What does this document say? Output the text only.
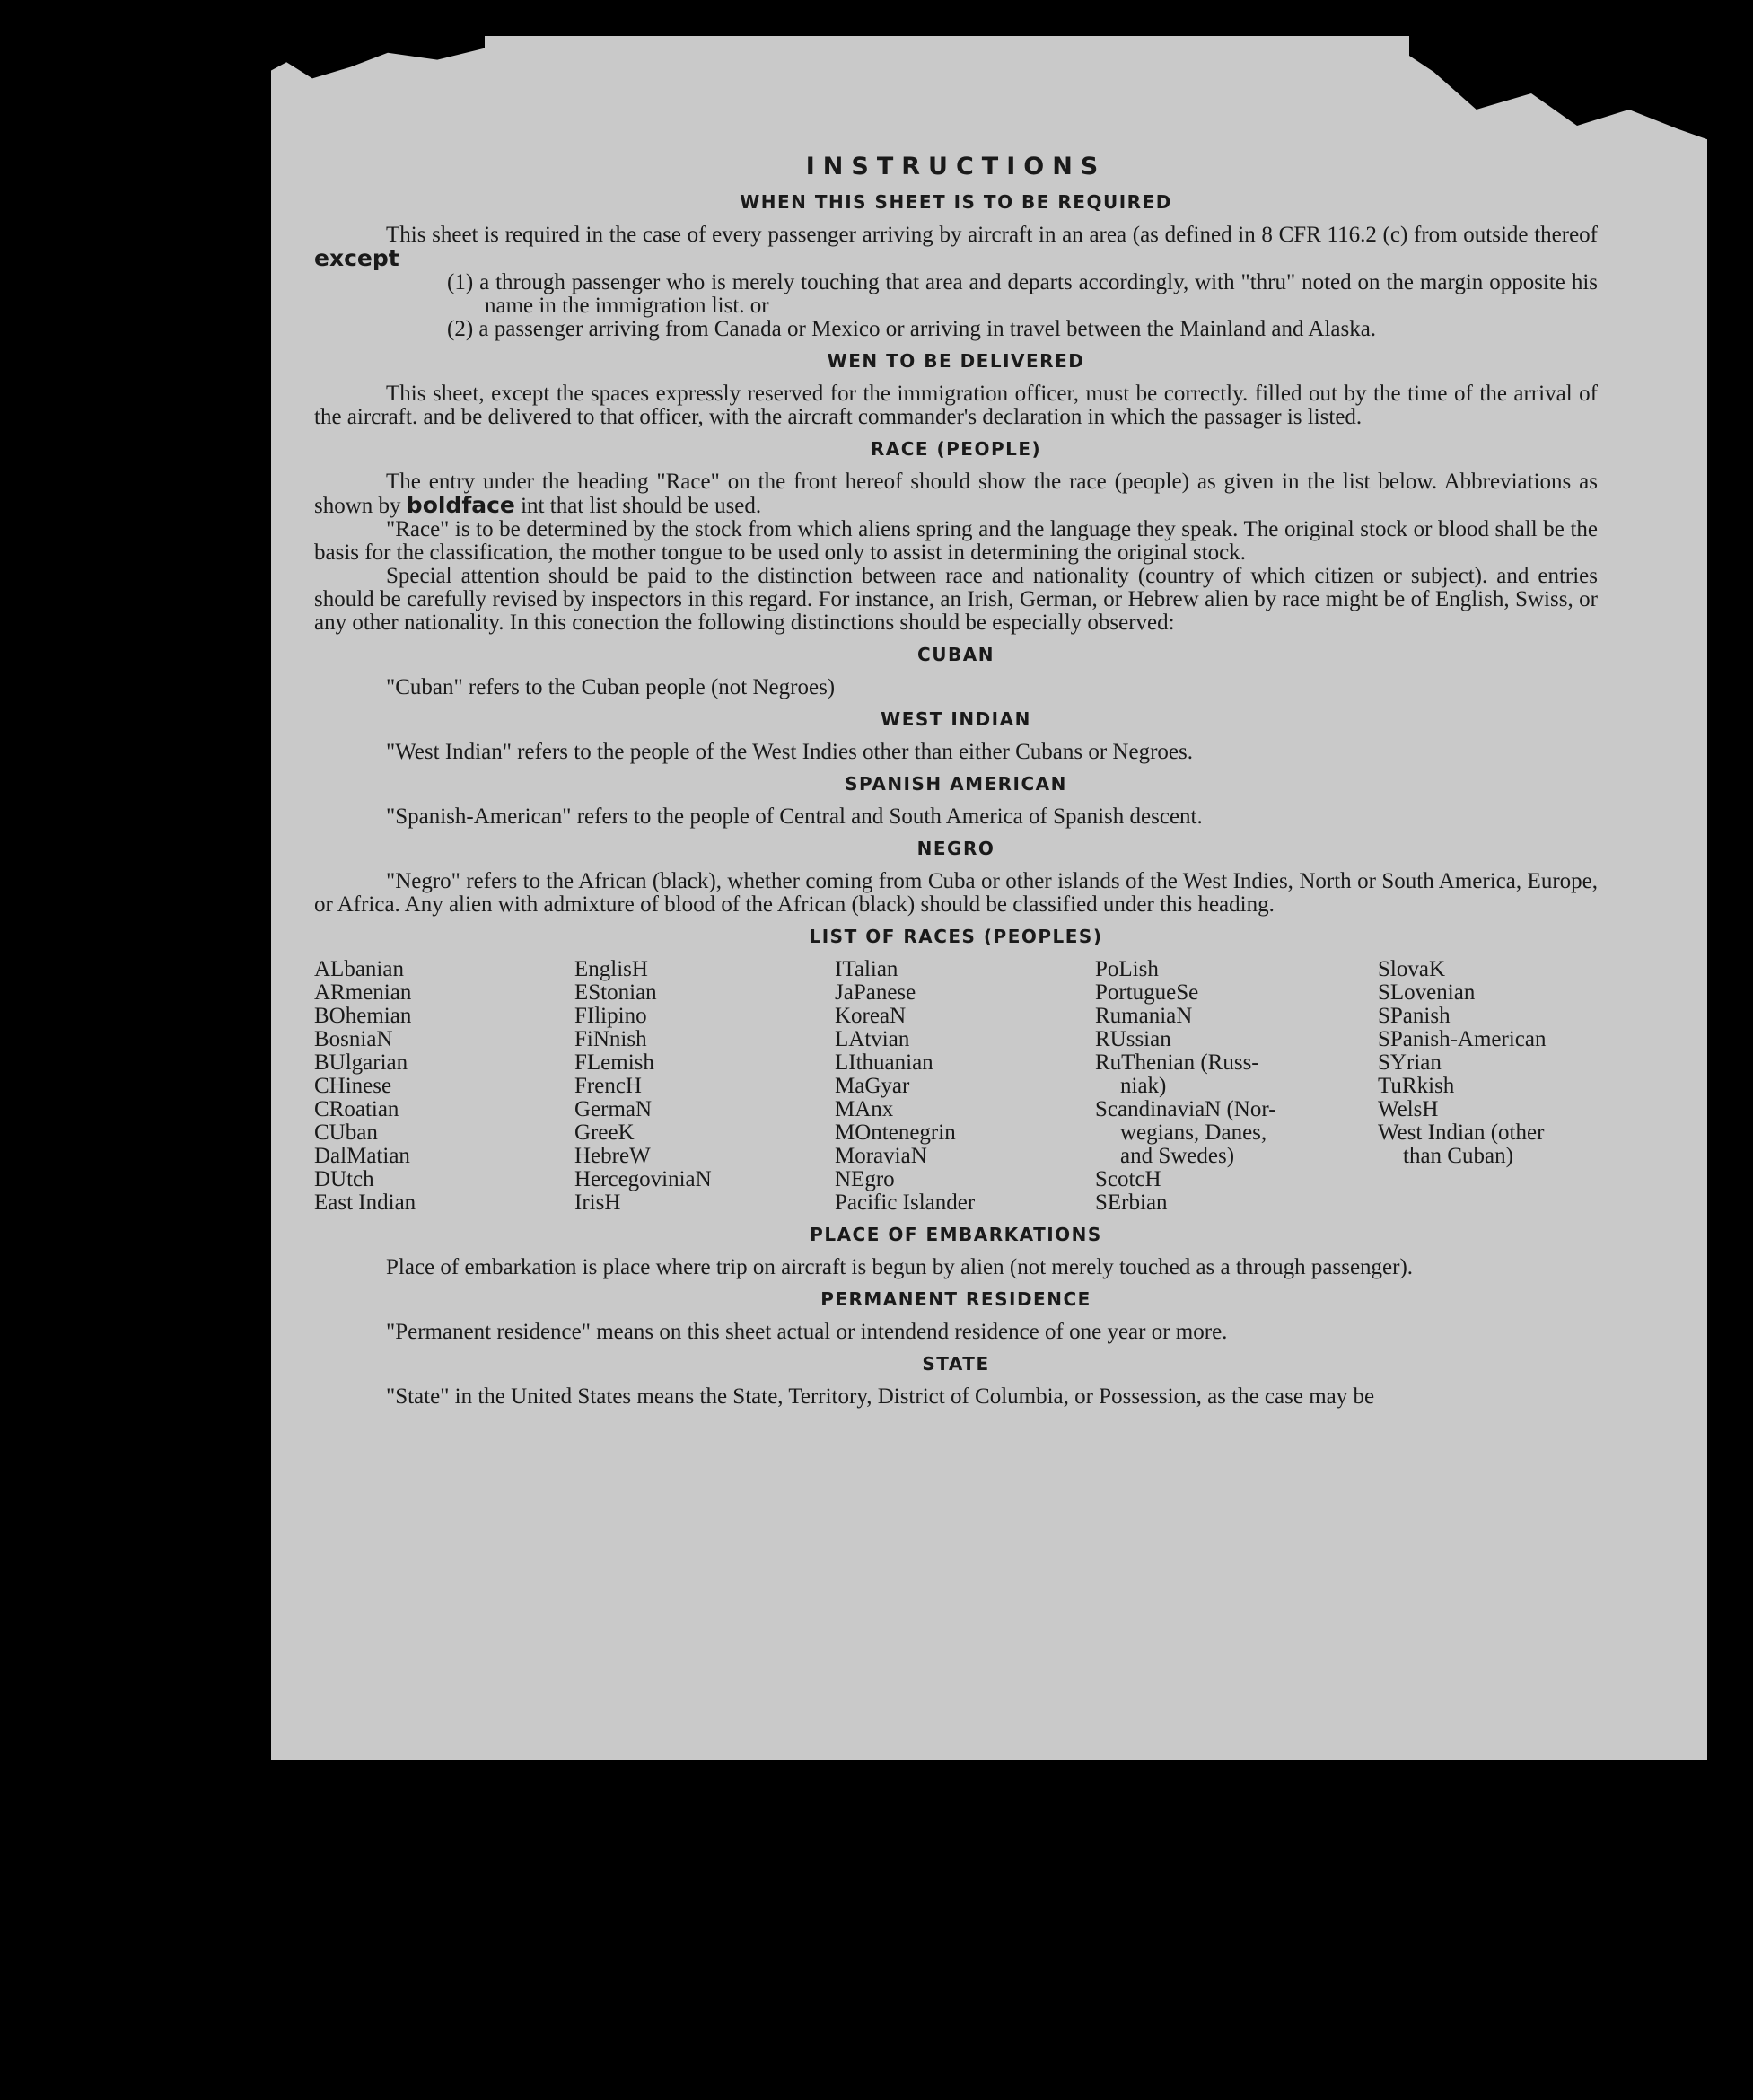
INSTRUCTIONS
WHEN THIS SHEET IS TO BE REQUIRED

This sheet is required in the case of every passenger arriving by aircraft in an area (as defined in 8 CFR 116.2 (c) from outside thereof except

(1) a through passenger who is merely touching that area and departs accordingly, with "thru" noted on the margin opposite his name in the immigration list. or

(2) a passenger arriving from Canada or Mexico or arriving in travel between the Mainland and Alaska.

WEN TO BE DELIVERED

This sheet, except the spaces expressly reserved for the immigration officer, must be correctly. filled out by the time of the arrival of the aircraft. and be delivered to that officer, with the aircraft commander's declaration in which the passager is listed.

RACE (PEOPLE)

The entry under the heading "Race" on the front hereof should show the race (people) as given in the list below. Abbreviations as shown by boldface int that list should be used.

"Race" is to be determined by the stock from which aliens spring and the language they speak. The original stock or blood shall be the basis for the classification, the mother tongue to be used only to assist in determining the original stock.

Special attention should be paid to the distinction between race and nationality (country of which citizen or subject). and entries should be carefully revised by inspectors in this regard. For instance, an Irish, German, or Hebrew alien by race might be of English, Swiss, or any other nationality. In this conection the following distinctions should be especially observed:

CUBAN

"Cuban" refers to the Cuban people (not Negroes)

WEST INDIAN

"West Indian" refers to the people of the West Indies other than either Cubans or Negroes.

SPANISH AMERICAN

"Spanish-American" refers to the people of Central and South America of Spanish descent.

NEGRO

"Negro" refers to the African (black), whether coming from Cuba or other islands of the West Indies, North or South America, Europe, or Africa. Any alien with admixture of blood of the African (black) should be classified under this heading.

LIST OF RACES (PEOPLES)
ALbanian
ARmenian
BOhemian
BosniaN
BUlgarian
CHinese
CRoatian
CUban
DalMatian
DUtch
East Indian
EnglisH
EStonian
FIlipino
FiNnish
FLemish
FrencH
GermaN
GreeK
HebreW
HercegovinіaN
IrisH
ITalian
JaPanese
KoreaN
LAtvian
LIthuanian
MaGyar
MAnx
MOntenegrin
MoraviaN
NEgro
Pacific Islander
PoLish
PortugueSe
RumaniaN
RUssian
RuThenian (Russ-
niak)
ScandinaviaN (Nor-
wegians, Danes,
and Swedes)
ScotcH
SErbian
SlovaK
SLovenian
SPanish
SPanish-American
SYrian
TuRkish
WelsH
West Indian (other
than Cuban)
PLACE OF EMBARKATIONS

Place of embarkation is place where trip on aircraft is begun by alien (not merely touched as a through passenger).

PERMANENT RESIDENCE

"Permanent residence" means on this sheet actual or intendend residence of one year or more.

STATE

"State" in the United States means the State, Territory, District of Columbia, or Possession, as the case may be
